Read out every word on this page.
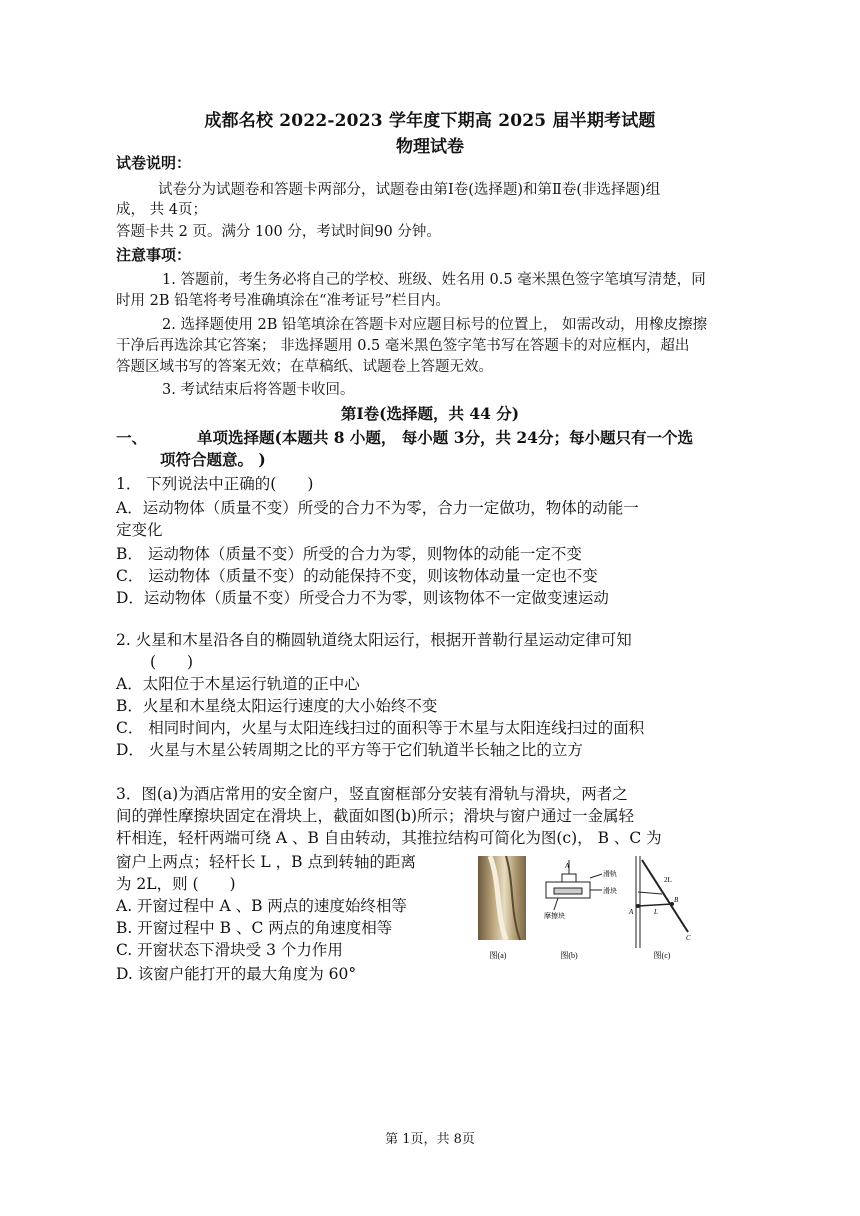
成都名校 2022-2023 学年度下期高 2025 届半期考试题
物理试卷
试卷说明：
试卷分为试题卷和答题卡两部分，试题卷由第Ⅰ卷(选择题)和第Ⅱ卷(非选择题)组
成， 共 4页；
答题卡共 2 页。满分 100 分，考试时间90 分钟。
注意事项：
1. 答题前，考生务必将自己的学校、班级、姓名用 0.5 毫米黑色签字笔填写清楚，同
时用 2B 铅笔将考号准确填涂在“准考证号”栏目内。
2. 选择题使用 2B 铅笔填涂在答题卡对应题目标号的位置上， 如需改动，用橡皮擦擦
干净后再选涂其它答案； 非选择题用 0.5 毫米黑色签字笔书写在答题卡的对应框内，超出
答题区域书写的答案无效；在草稿纸、试题卷上答题无效。
3. 考试结束后将答题卡收回。
第Ⅰ卷(选择题，共 44 分)
一、	单项选择题(本题共 8 小题， 每小题 3分，共 24分；每小题只有一个选
项符合题意。 )
1． 下列说法中正确的(　　)
A．运动物体（质量不变）所受的合力不为零，合力一定做功，物体的动能一
定变化
B． 运动物体（质量不变）所受的合力为零，则物体的动能一定不变
C． 运动物体（质量不变）的动能保持不变，则该物体动量一定也不变
D．运动物体（质量不变）所受合力不为零，则该物体不一定做变速运动
2. 火星和木星沿各自的椭圆轨道绕太阳运行，根据开普勒行星运动定律可知
(　　)
A．太阳位于木星运行轨道的正中心
B．火星和木星绕太阳运行速度的大小始终不变
C． 相同时间内，火星与太阳连线扫过的面积等于木星与太阳连线扫过的面积
D． 火星与木星公转周期之比的平方等于它们轨道半长轴之比的立方
3．图(a)为酒店常用的安全窗户，竖直窗框部分安装有滑轨与滑块，两者之
间的弹性摩擦块固定在滑块上，截面如图(b)所示；滑块与窗户通过一金属轻
杆相连，轻杆两端可绕 A 、B 自由转动，其推拉结构可简化为图(c)， B 、C 为
窗户上两点；轻杆长 L ，B 点到转轴的距离
为 2L，则 (　　)
A. 开窗过程中 A 、B 两点的速度始终相等
B. 开窗过程中 B 、C 两点的角速度相等
C. 开窗状态下滑块受 3 个力作用
D. 该窗户能打开的最大角度为 60°
图(a)
A
滑轨
滑块
摩擦块
图(b)
A
B
C
L
2L
图(c)
第 1页，共 8页
